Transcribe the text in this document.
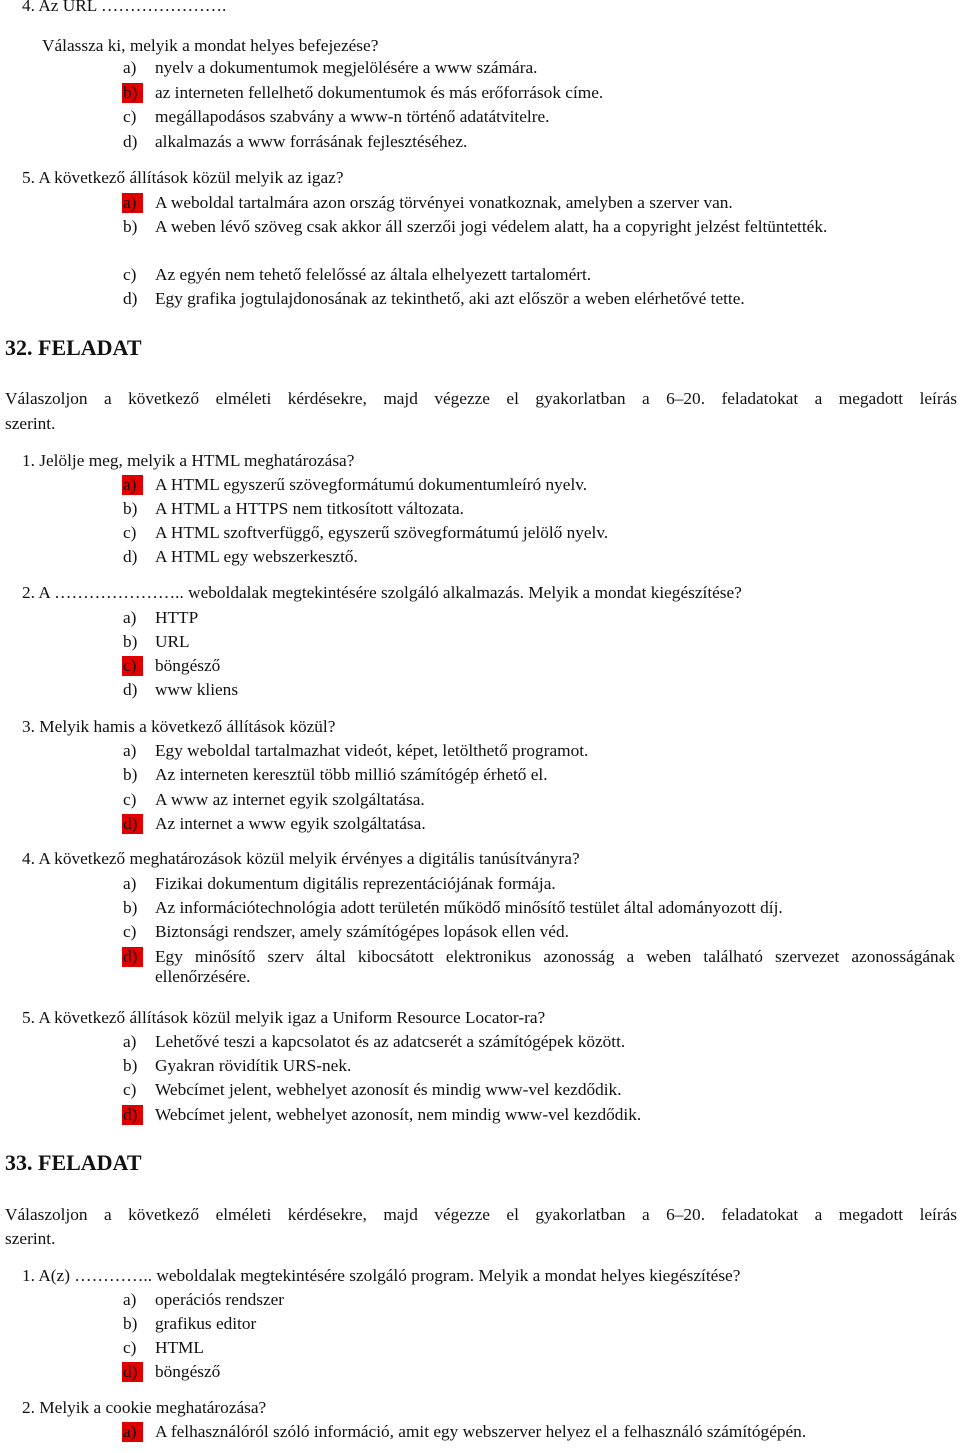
4. Az URL ………………….
Válassza ki, melyik a mondat helyes befejezése?
5. A következő állítások közül melyik az igaz?
Válaszoljon a következő elméleti kérdésekre, majd végezze el gyakorlatban a 6–20. feladatokat a megadott leírás
szerint.
1. Jelölje meg, melyik a HTML meghatározása?
2. A ………………….. weboldalak megtekintésére szolgáló alkalmazás. Melyik a mondat kiegészítése?
3. Melyik hamis a következő állítások közül?
4. A következő meghatározások közül melyik érvényes a digitális tanúsítványra?
5. A következő állítások közül melyik igaz a Uniform Resource Locator-ra?
Válaszoljon a következő elméleti kérdésekre, majd végezze el gyakorlatban a 6–20. feladatokat a megadott leírás
szerint.
1. A(z) ………….. weboldalak megtekintésére szolgáló program. Melyik a mondat helyes kiegészítése?
2. Melyik a cookie meghatározása?
32. FELADAT
33. FELADAT
a)	nyelv a dokumentumok megjelölésére a www számára.
b)	az interneten fellelhető dokumentumok és más erőforrások címe.
c)	megállapodásos szabvány a www-n történő adatátvitelre.
d)	alkalmazás a www forrásának fejlesztéséhez.
a)	A weboldal tartalmára azon ország törvényei vonatkoznak, amelyben a szerver van.
b)	A weben lévő szöveg csak akkor áll szerzői jogi védelem alatt, ha a copyright jelzést feltüntették.
c)	Az egyén nem tehető felelőssé az általa elhelyezett tartalomért.
d)	Egy grafika jogtulajdonosának az tekinthető, aki azt először a weben elérhetővé tette.
a)	A HTML egyszerű szövegformátumú dokumentumleíró nyelv.
b)	A HTML a HTTPS nem titkosított változata.
c)	A HTML szoftverfüggő, egyszerű szövegformátumú jelölő nyelv.
d)	A HTML egy webszerkesztő.
a)	HTTP
b)	URL
c)	böngésző
d)	www kliens
a)	Egy weboldal tartalmazhat videót, képet, letölthető programot.
b)	Az interneten keresztül több millió számítógép érhető el.
c)	A www az internet egyik szolgáltatása.
d)	Az internet a www egyik szolgáltatása.
a)	Fizikai dokumentum digitális reprezentációjának formája.
b)	Az információtechnológia adott területén működő minősítő testület által adományozott díj.
c)	Biztonsági rendszer, amely számítógépes lopások ellen véd.
d)	Egy minősítő szerv által kibocsátott elektronikus azonosság a weben található szervezet azonosságának ellenőrzésére.
a)	Lehetővé teszi a kapcsolatot és az adatcserét a számítógépek között.
b)	Gyakran rövidítik URS-nek.
c)	Webcímet jelent, webhelyet azonosít és mindig www-vel kezdődik.
d)	Webcímet jelent, webhelyet azonosít, nem mindig www-vel kezdődik.
a)	operációs rendszer
b)	grafikus editor
c)	HTML
d)	böngésző
a)	A felhasználóról szóló információ, amit egy webszerver helyez el a felhasználó számítógépén.
